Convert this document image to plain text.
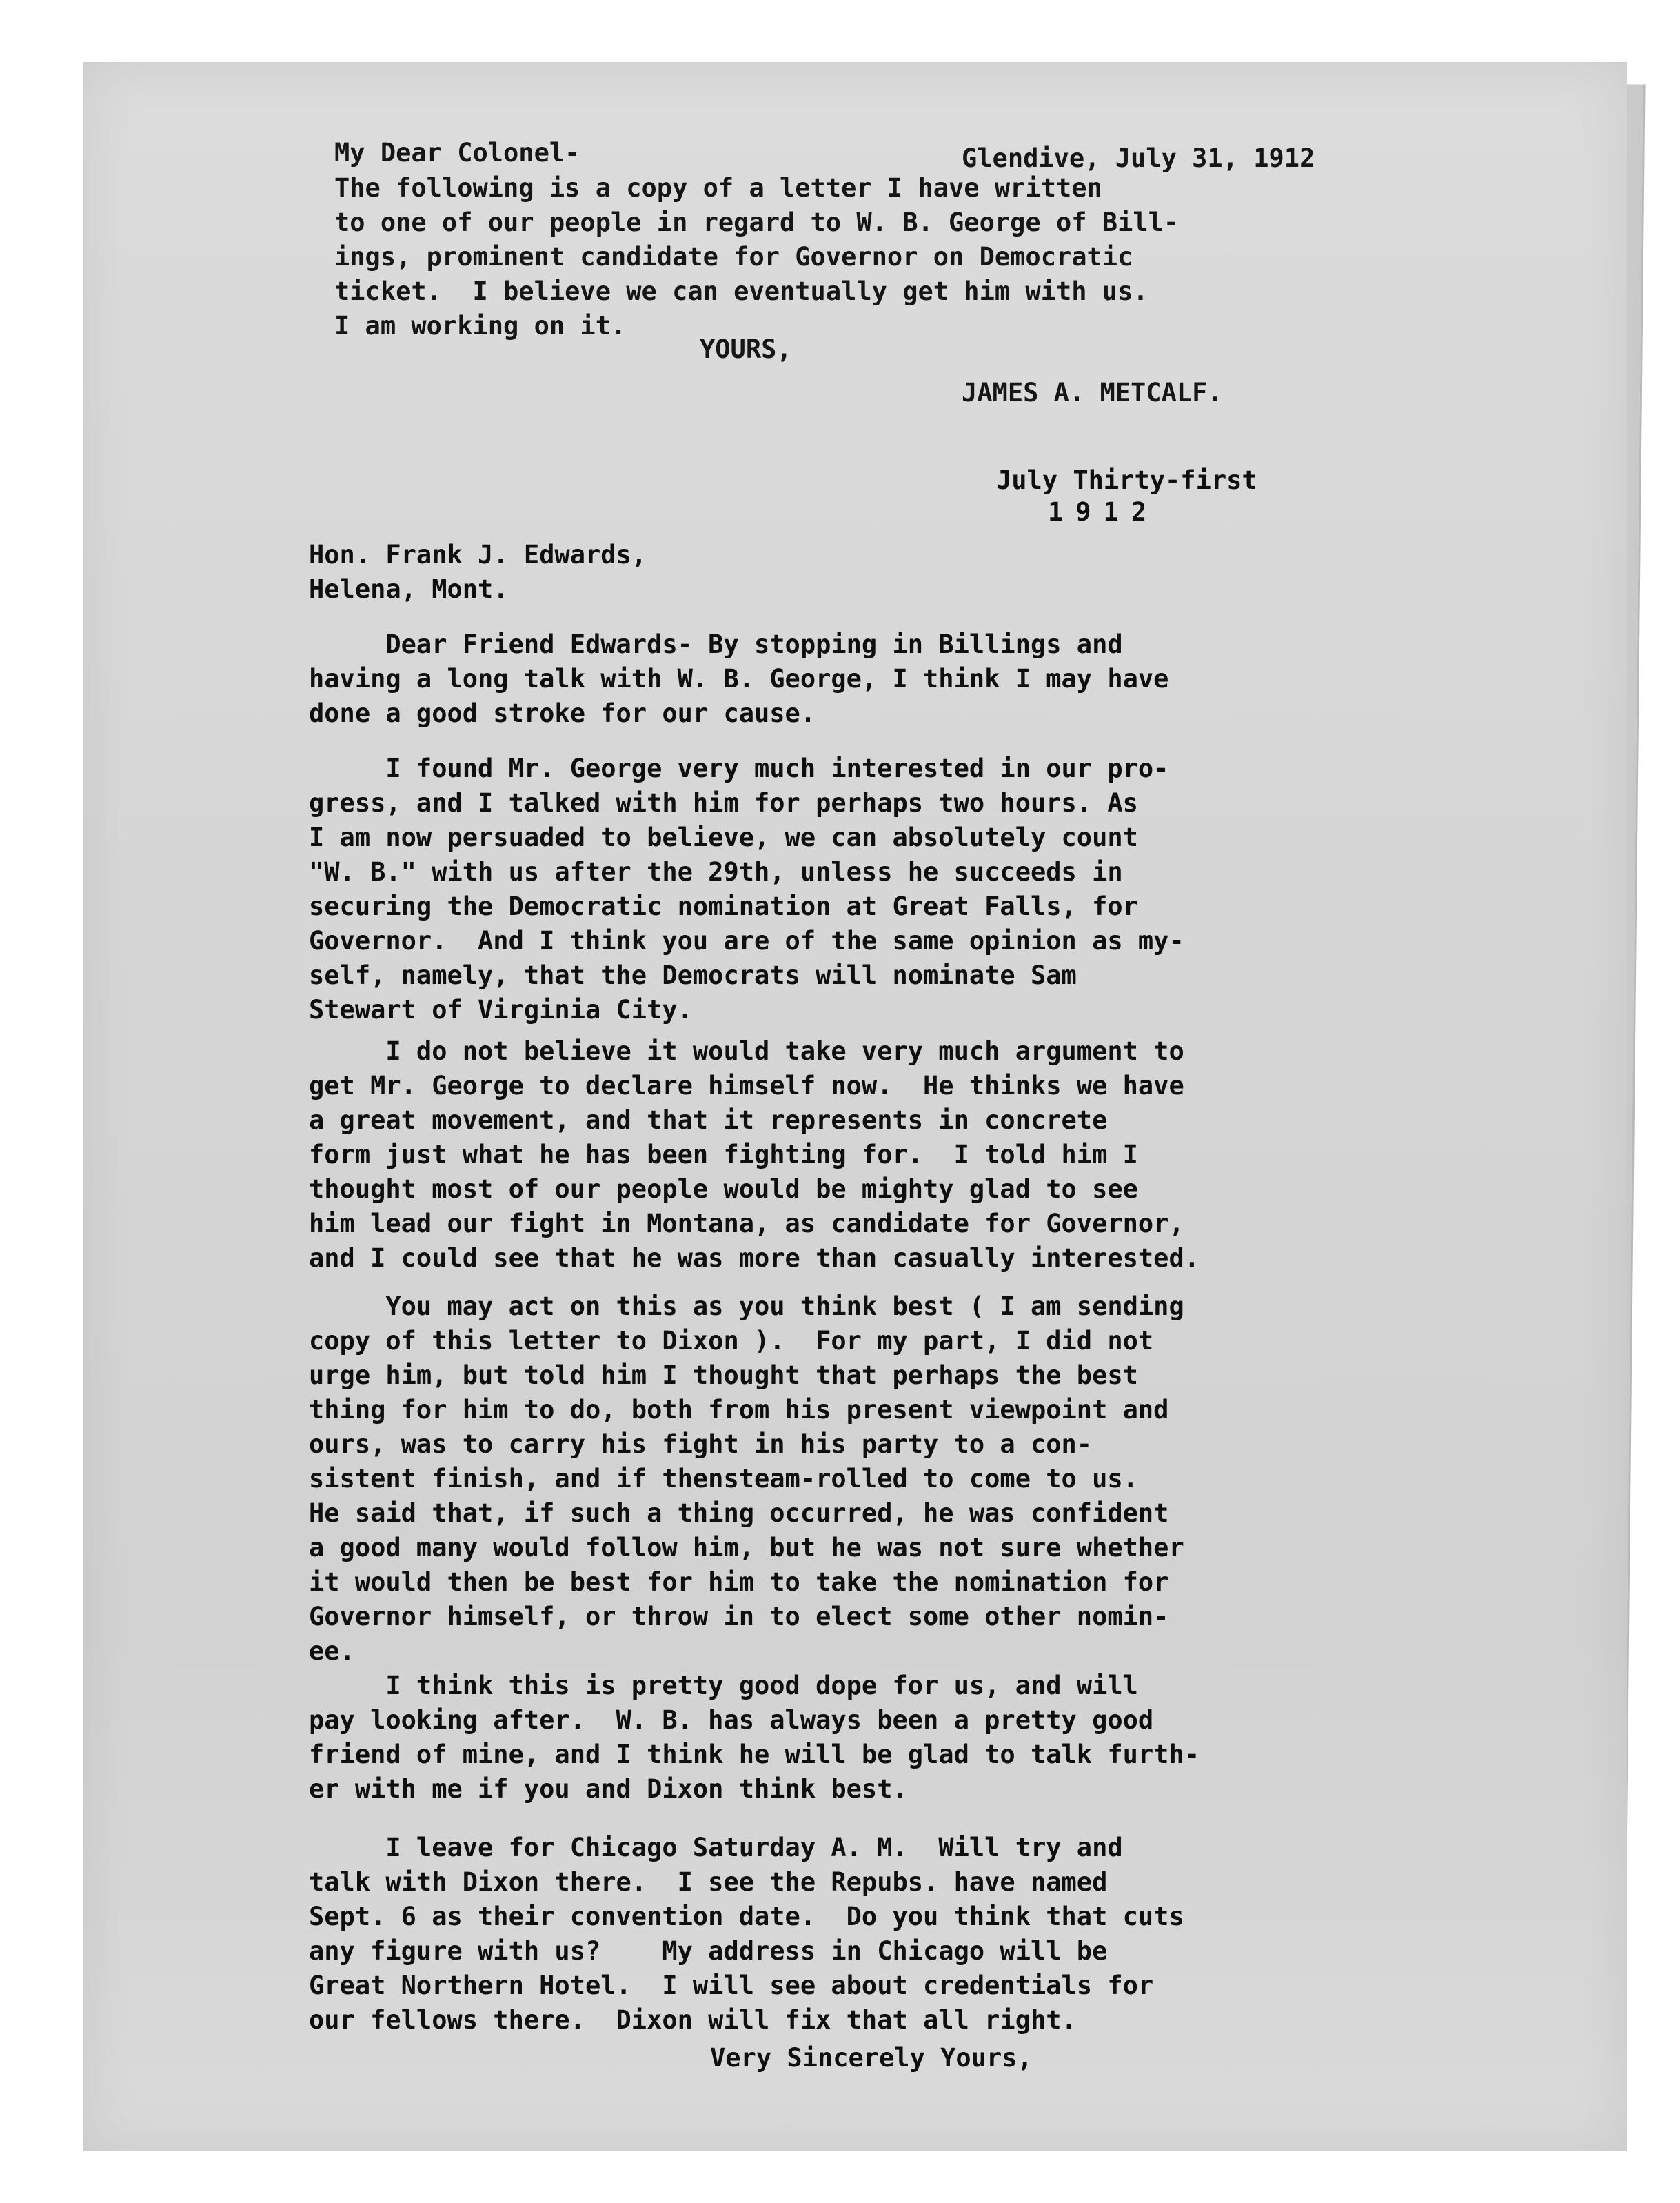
My Dear Colonel-	Glendive, July 31, 1912
The following is a copy of a letter I have written
to one of our people in regard to W. B. George of Bill-
ings, prominent candidate for Governor on Democratic
ticket.  I believe we can eventually get him with us.
I am working on it.
YOURS,
JAMES A. METCALF.
July Thirty-first
1912
Hon. Frank J. Edwards,
Helena, Mont.
Dear Friend Edwards- By stopping in Billings and
having a long talk with W. B. George, I think I may have
done a good stroke for our cause.
I found Mr. George very much interested in our pro-
gress, and I talked with him for perhaps two hours. As
I am now persuaded to believe, we can absolutely count
"W. B." with us after the 29th, unless he succeeds in
securing the Democratic nomination at Great Falls, for
Governor.  And I think you are of the same opinion as my-
self, namely, that the Democrats will nominate Sam
Stewart of Virginia City.
I do not believe it would take very much argument to
get Mr. George to declare himself now.  He thinks we have
a great movement, and that it represents in concrete
form just what he has been fighting for.  I told him I
thought most of our people would be mighty glad to see
him lead our fight in Montana, as candidate for Governor,
and I could see that he was more than casually interested.
You may act on this as you think best ( I am sending
copy of this letter to Dixon ).  For my part, I did not
urge him, but told him I thought that perhaps the best
thing for him to do, both from his present viewpoint and
ours, was to carry his fight in his party to a con-
sistent finish, and if thensteam-rolled to come to us.
He said that, if such a thing occurred, he was confident
a good many would follow him, but he was not sure whether
it would then be best for him to take the nomination for
Governor himself, or throw in to elect some other nomin-
ee.
I think this is pretty good dope for us, and will
pay looking after.  W. B. has always been a pretty good
friend of mine, and I think he will be glad to talk furth-
er with me if you and Dixon think best.
I leave for Chicago Saturday A. M.  Will try and
talk with Dixon there.  I see the Repubs. have named
Sept. 6 as their convention date.  Do you think that cuts
any figure with us?    My address in Chicago will be
Great Northern Hotel.  I will see about credentials for
our fellows there.  Dixon will fix that all right.
Very Sincerely Yours,
